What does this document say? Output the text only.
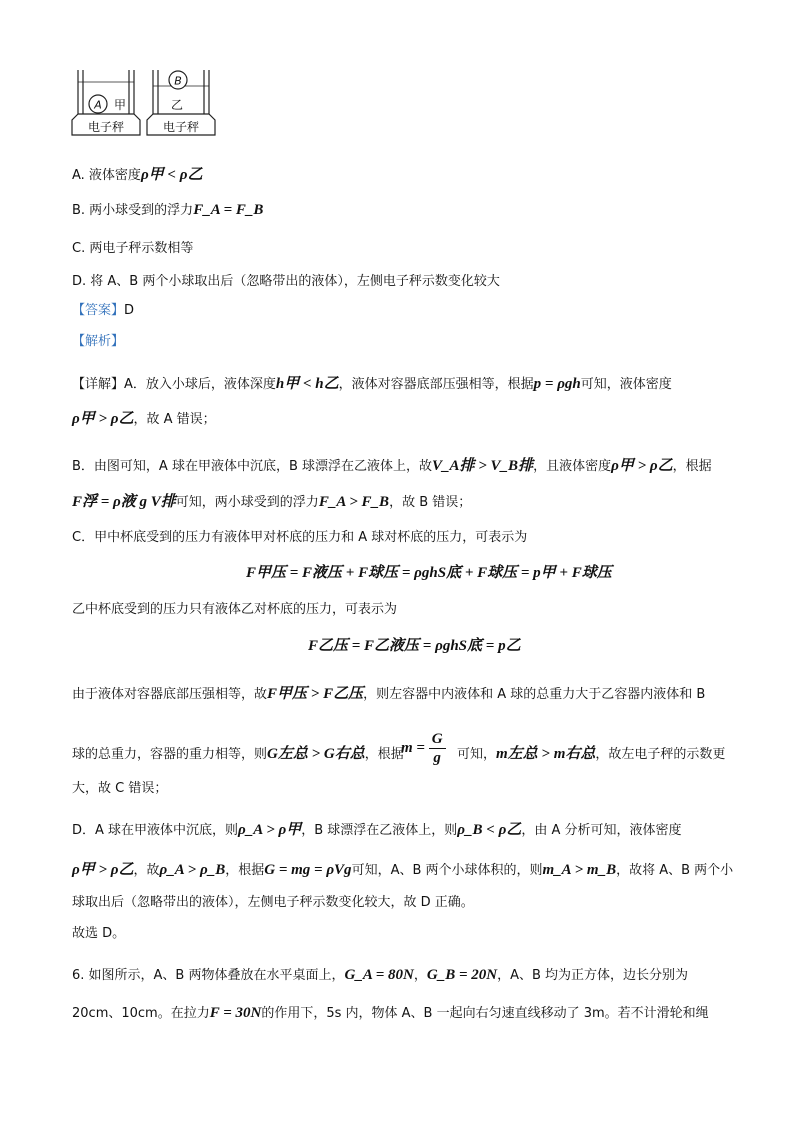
A 甲
电子秤
B
乙
电子秤
A. 液体密度ρ甲 < ρ乙
B. 两小球受到的浮力F_A = F_B
C. 两电子秤示数相等
D. 将 A、B 两个小球取出后（忽略带出的液体），左侧电子秤示数变化较大
【答案】D
【解析】
【详解】A．放入小球后，液体深度h甲 < h乙，液体对容器底部压强相等，根据p = ρgh可知，液体密度
ρ甲 > ρ乙，故 A 错误；
B．由图可知，A 球在甲液体中沉底，B 球漂浮在乙液体上，故V_A排 > V_B排，且液体密度ρ甲 > ρ乙，根据
F浮 = ρ液 g V排可知，两小球受到的浮力F_A > F_B，故 B 错误；
C．甲中杯底受到的压力有液体甲对杯底的压力和 A 球对杯底的压力，可表示为
F甲压 = F液压 + F球压 = ρghS底 + F球压 = p甲 + F球压
乙中杯底受到的压力只有液体乙对杯底的压力，可表示为
F乙压 = F乙液压 = ρghS底 = p乙
由于液体对容器底部压强相等，故F甲压 > F乙压，则左容器中内液体和 A 球的总重力大于乙容器内液体和 B
球的总重力，容器的重力相等，则G左总 > G右总，根据
$m = \frac{G}{g}$ 可知，m左总 > m右总，故左电子秤的示数更
大，故 C 错误；
D．A 球在甲液体中沉底，则ρ_A > ρ甲，B 球漂浮在乙液体上，则ρ_B < ρ乙，由 A 分析可知，液体密度
ρ甲 > ρ乙，故ρ_A > ρ_B，根据G = mg = ρVg可知，A、B 两个小球体积的，则m_A > m_B，故将 A、B 两个小
球取出后（忽略带出的液体），左侧电子秤示数变化较大，故 D 正确。
故选 D。
6. 如图所示，A、B 两物体叠放在水平桌面上，G_A = 80N，G_B = 20N，A、B 均为正方体，边长分别为
20cm、10cm。在拉力F = 30N的作用下，5s 内，物体 A、B 一起向右匀速直线移动了 3m。若不计滑轮和绳
